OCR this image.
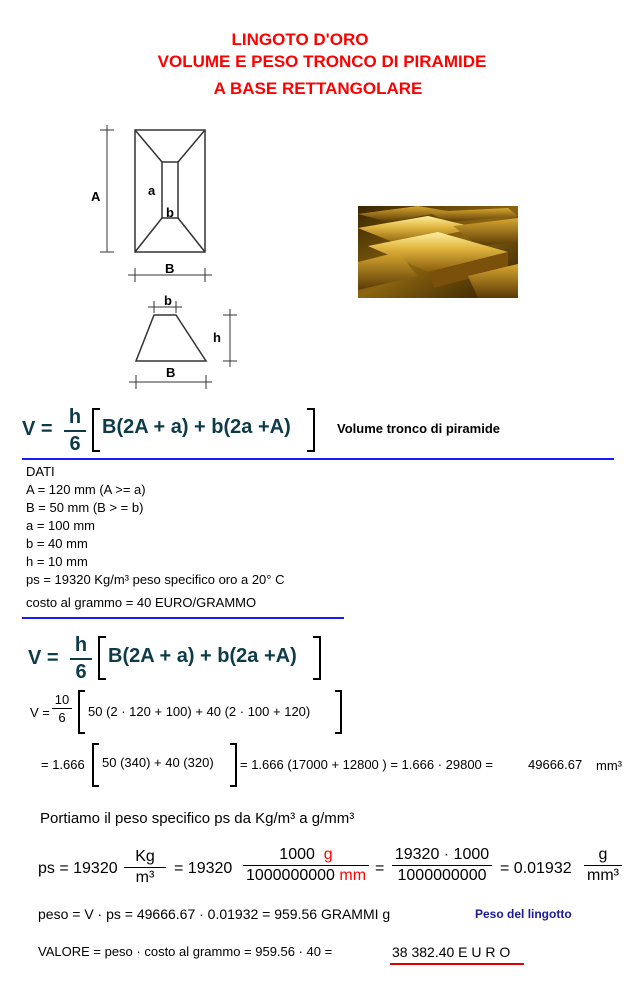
LINGOTO D'ORO
VOLUME E PESO TRONCO DI PIRAMIDE
A BASE RETTANGOLARE
A	a
b
B
b
h
B
V =
h
6
B(2A + a) + b(2a +A)	Volume tronco di piramide
DATI
A = 120 mm (A >= a)
B = 50 mm (B > = b)
a = 100 mm
b = 40 mm
h = 10 mm
ps = 19320 Kg/m³ peso specifico oro a 20° C
costo al grammo = 40 EURO/GRAMMO
V =
h
6
B(2A + a) + b(2a +A)
V =
10
6	50 (2 · 120 + 100) + 40 (2 · 100 + 120)
= 1.666 50 (340) + 40 (320) = 1.666 (17000 + 12800 ) = 1.666 · 29800 =	49666.67 mm³
Portiamo il peso specifico ps da Kg/m³ a g/mm³
ps = 19320
Kg
m³
= 19320
1000 g
1000000000 mm =
19320 · 1000
1000000000 = 0.01932
g
mm³
peso = V · ps = 49666.67 · 0.01932 = 959.56 GRAMMI g	Peso del lingotto
VALORE = peso · costo al grammo = 959.56 · 40 =	38 382.40 E U R O
